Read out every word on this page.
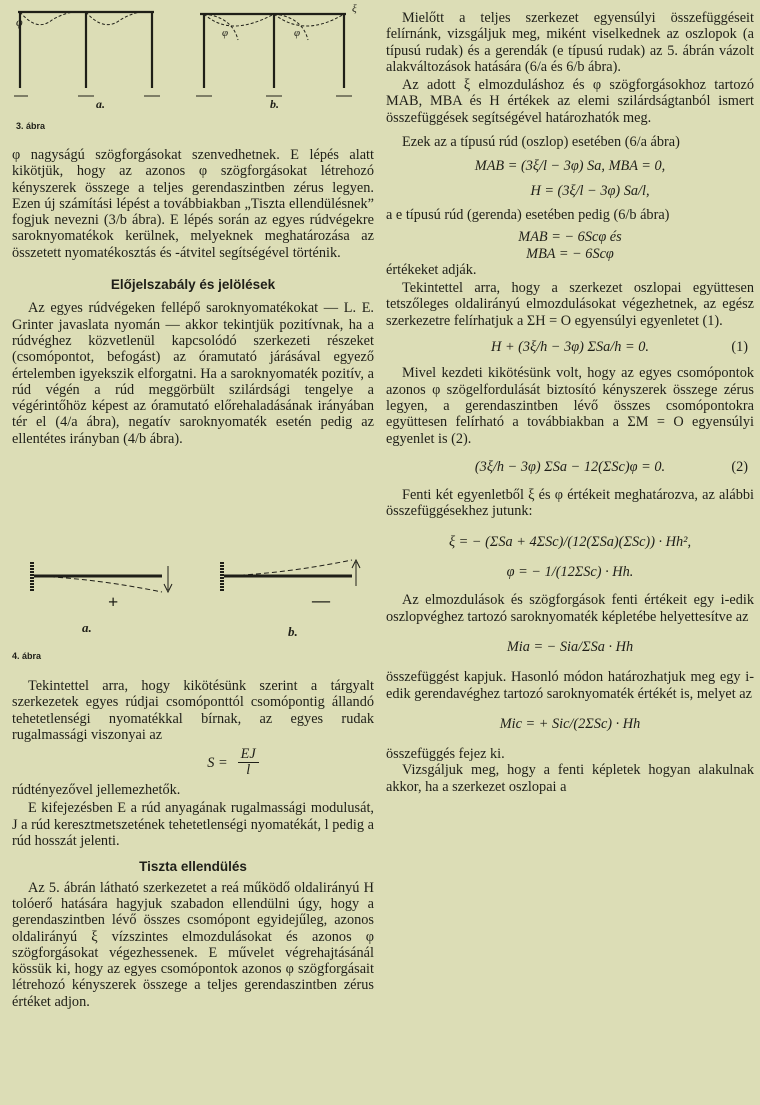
φ
φ	φ
ξ
3. ábra
a.	b.

φ nagyságú szögforgásokat szenvedhetnek. E lépés alatt kikötjük, hogy az azonos φ szögforgásokat létrehozó kényszerek összege a teljes gerendaszintben zérus legyen. Ezen új számítási lépést a továbbiakban „Tiszta ellendülésnek” fogjuk nevezni (3/b ábra). E lépés során az egyes rúdvégekre saroknyomatékok kerülnek, melyeknek meghatározása az összetett nyomatékosztás és -átvitel segítségével történik.

Előjelszabály és jelölések

Az egyes rúdvégeken fellépő saroknyomatékokat — L. E. Grinter javaslata nyomán — akkor tekintjük pozitívnak, ha a rúdvéghez közvetlenül kapcsolódó szerkezeti részeket (csomópontot, befogást) az óramutató járásával egyező értelemben igyekszik elforgatni. Ha a saroknyomaték pozitív, a rúd végén a rúd meggörbült szilárdsági tengelye a végérintőhöz képest az óramutató előrehaladásának irányában tér el (4/a ábra), negatív saroknyomaték esetén pedig az ellentétes irányban (4/b ábra).

+	—
a.	b.
4. ábra

Tekintettel arra, hogy kikötésünk szerint a tárgyalt szerkezetek egyes rúdjai csomóponttól csomópontig állandó tehetetlenségi nyomatékkal bírnak, az egyes rudak rugalmassági viszonyai az

$S = \frac{EJ}{l}$

rúdtényezővel jellemezhetők.

E kifejezésben E a rúd anyagának rugalmassági modulusát, J a rúd keresztmetszetének tehetetlenségi nyomatékát, l pedig a rúd hosszát jelenti.

Tiszta ellendülés

Az 5. ábrán látható szerkezetet a reá működő oldalirányú H tolóerő hatására hagyjuk szabadon ellendülni úgy, hogy a gerendaszintben lévő összes csomópont egyidejűleg, azonos oldalirányú ξ vízszintes elmozdulásokat és azonos φ szögforgásokat végezhessenek. E művelet végrehajtásánál kössük ki, hogy az egyes csomópontok azonos φ szögforgásait létrehozó kényszerek összege a teljes gerendaszintben zérus értéket adjon.

Mielőtt a teljes szerkezet egyensúlyi összefüggéseit felírnánk, vizsgáljuk meg, miként viselkednek az oszlopok (a típusú rudak) és a gerendák (e típusú rudak) az 5. ábrán vázolt alakváltozások hatására (6/a és 6/b ábra).

Az adott ξ elmozduláshoz és φ szögforgásokhoz tartozó MAB, MBA és H értékek az elemi szilárdságtanból ismert összefüggések segítségével határozhatók meg.

Ezek az a típusú rúd (oszlop) esetében (6/a ábra)

MAB = (3ξ/l − 3φ) Sa, MBA = 0,

H = (3ξ/l − 3φ) Sa/l,

a e típusú rúd (gerenda) esetében pedig (6/b ábra)

MAB = − 6Scφ és

MBA = − 6Scφ

értékeket adják.

Tekintettel arra, hogy a szerkezet oszlopai együttesen tetszőleges oldalirányú elmozdulásokat végezhetnek, az egész szerkezetre felírhatjuk a ΣH = O egyensúlyi egyenletet (1).

H + (3ξ/h − 3φ) ΣSa/h = 0.	(1)

Mivel kezdeti kikötésünk volt, hogy az egyes csomópontok azonos φ szögelfordulását biztosító kényszerek összege zérus legyen, a gerendaszintben lévő összes csomópontokra együttesen felírható a továbbiakban a ΣM = O egyensúlyi egyenlet is (2).

(3ξ/h − 3φ) ΣSa − 12(ΣSc)φ = 0.	(2)

Fenti két egyenletből ξ és φ értékeit meghatározva, az alábbi összefüggésekhez jutunk:

ξ = − (ΣSa + 4ΣSc)/(12(ΣSa)(ΣSc)) · Hh²,

φ = − 1/(12ΣSc) · Hh.

Az elmozdulások és szögforgások fenti értékeit egy i-edik oszlopvéghez tartozó saroknyomaték képletébe helyettesítve az

Mia = − Sia/ΣSa · Hh

összefüggést kapjuk. Hasonló módon határozhatjuk meg egy i-edik gerendavéghez tartozó saroknyomaték értékét is, melyet az

Mic = + Sic/(2ΣSc) · Hh

összefüggés fejez ki.

Vizsgáljuk meg, hogy a fenti képletek hogyan alakulnak akkor, ha a szerkezet oszlopai a
